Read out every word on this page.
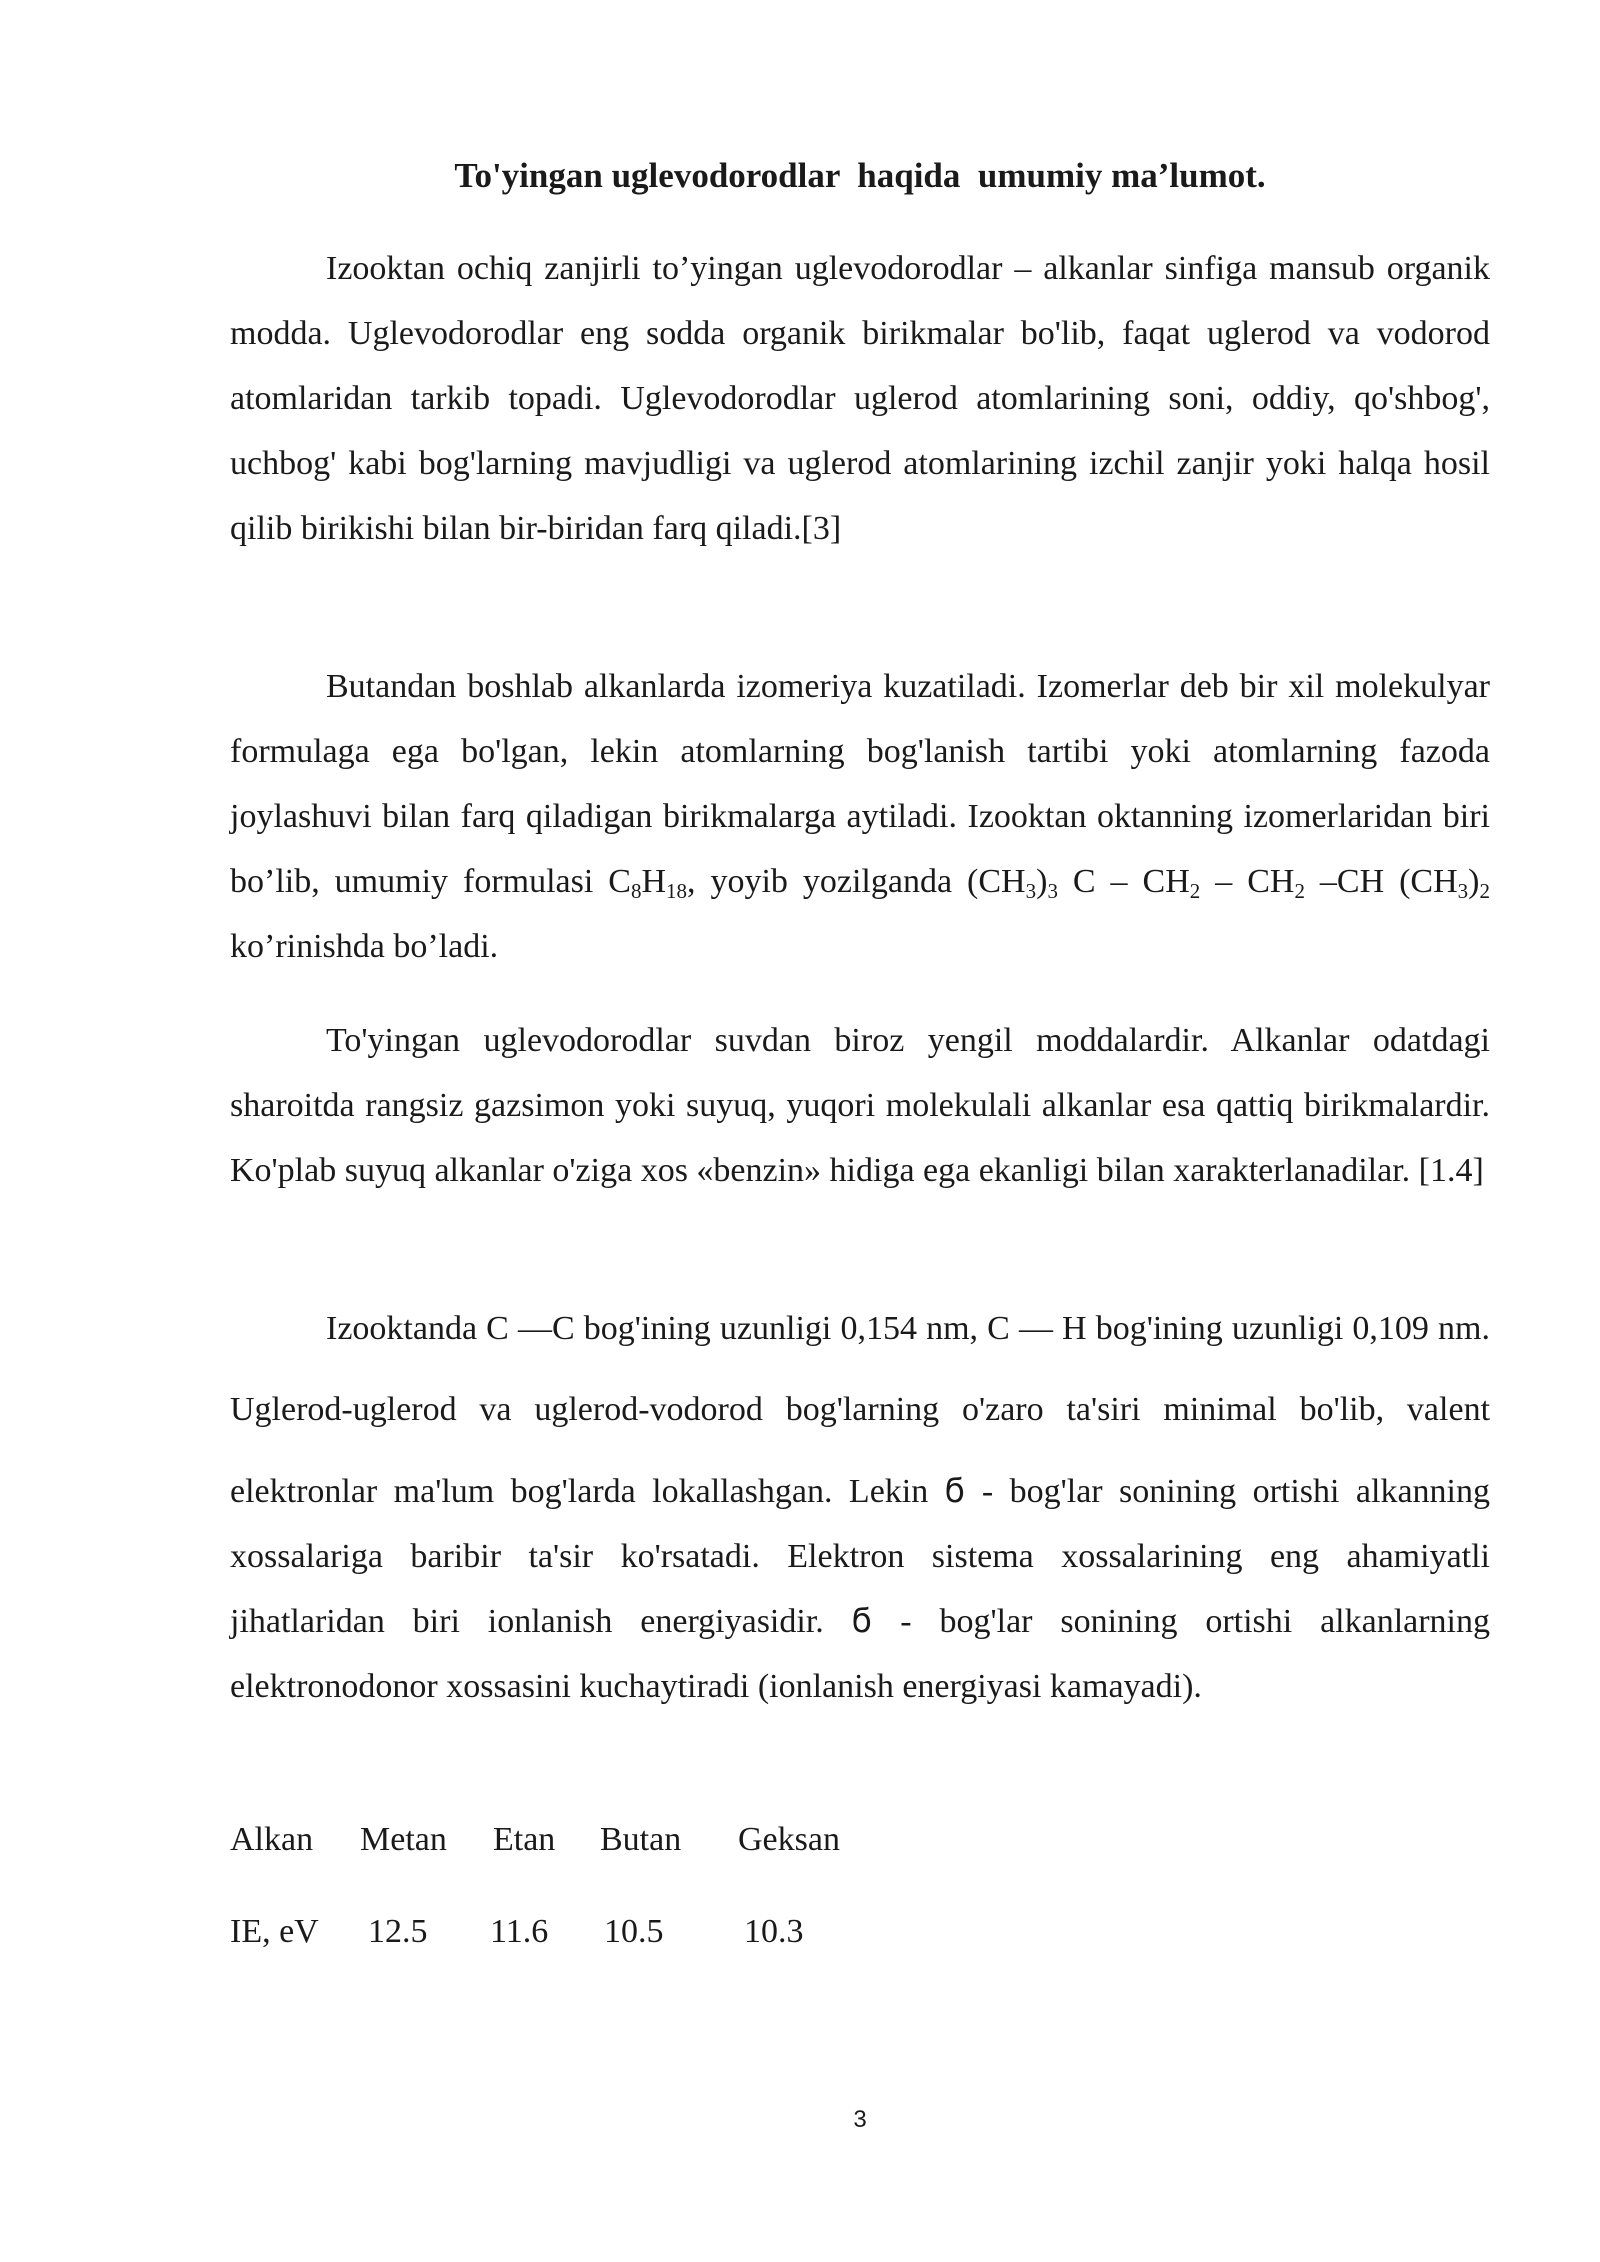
To'yingan uglevodorodlar  haqida  umumiy ma’lumot.
Izooktan ochiq zanjirli to’yingan uglevodorodlar – alkanlar sinfiga mansub organik modda. Uglevodorodlar eng sodda organik birikmalar bo'lib, faqat uglerod va vodorod atomlaridan tarkib topadi. Uglevodorodlar uglerod atomlarining soni, oddiy, qo'shbog', uchbog' kabi bog'larning mavjudligi va uglerod atomlarining izchil zanjir yoki halqa hosil qilib birikishi bilan bir-biridan farq qiladi.[3]
Butandan boshlab alkanlarda izomeriya kuzatiladi. Izomerlar deb bir xil molekulyar formulaga ega bo'lgan, lekin atomlarning bog'lanish tartibi yoki atomlarning fazoda joylashuvi bilan farq qiladigan birikmalarga aytiladi. Izooktan oktanning izomerlaridan biri bo’lib, umumiy formulasi $C_8H_{18}$, yoyib yozilganda $(CH_3)_3$ C – $CH_2 - CH_2$ –CH $(CH_3)_2$ ko’rinishda bo’ladi.
To'yingan uglevodorodlar suvdan biroz yengil moddalardir. Alkanlar odatdagi sharoitda rangsiz gazsimon yoki suyuq, yuqori molekulali alkanlar esa qattiq birikmalardir. Ko'plab suyuq alkanlar o'ziga xos «benzin» hidiga ega ekanligi bilan xarakterlanadilar. [1.4]
Izooktanda C —C bog'ining uzunligi 0,154 nm, C — H bog'ining uzunligi 0,109 nm. Uglerod-uglerod va uglerod-vodorod bog'larning o'zaro ta'siri minimal bo'lib, valent elektronlar ma'lum bog'larda lokallashgan. Lekin ϭ - bog'lar sonining ortishi alkanning xossalariga baribir ta'sir ko'rsatadi. Elektron sistema xossalarining eng ahamiyatli jihatlaridan biri ionlanish energiyasidir. ϭ - bog'lar sonining ortishi alkanlarning elektronodonor xossasini kuchaytiradi (ionlanish energiyasi kamayadi).
Alkan Metan Etan Butan Geksan
IE, eV 12.5 11.6 10.5 10.3
3
